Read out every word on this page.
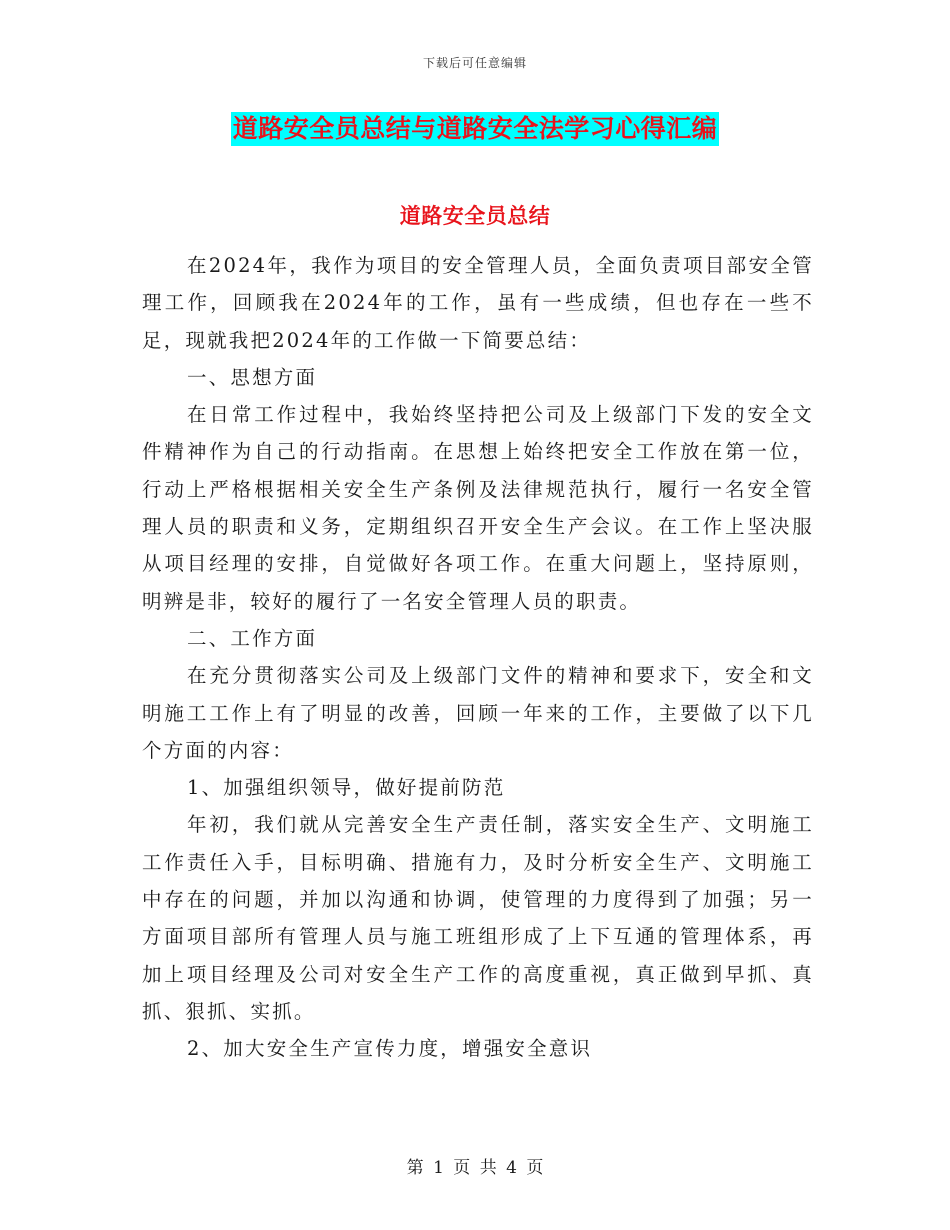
下载后可任意编辑
道路安全员总结与道路安全法学习心得汇编
道路安全员总结

在2024年，我作为项目的安全管理人员，全面负责项目部安全管理工作，回顾我在2024年的工作，虽有一些成绩，但也存在一些不足，现就我把2024年的工作做一下简要总结：

一、思想方面

在日常工作过程中，我始终坚持把公司及上级部门下发的安全文件精神作为自己的行动指南。在思想上始终把安全工作放在第一位，行动上严格根据相关安全生产条例及法律规范执行，履行一名安全管理人员的职责和义务，定期组织召开安全生产会议。在工作上坚决服从项目经理的安排，自觉做好各项工作。在重大问题上，坚持原则，明辨是非，较好的履行了一名安全管理人员的职责。

二、工作方面

在充分贯彻落实公司及上级部门文件的精神和要求下，安全和文明施工工作上有了明显的改善，回顾一年来的工作，主要做了以下几个方面的内容：

1、加强组织领导，做好提前防范

年初，我们就从完善安全生产责任制，落实安全生产、文明施工工作责任入手，目标明确、措施有力，及时分析安全生产、文明施工中存在的问题，并加以沟通和协调，使管理的力度得到了加强；另一方面项目部所有管理人员与施工班组形成了上下互通的管理体系，再加上项目经理及公司对安全生产工作的高度重视，真正做到早抓、真抓、狠抓、实抓。

2、加大安全生产宣传力度，增强安全意识

第 1 页 共 4 页
